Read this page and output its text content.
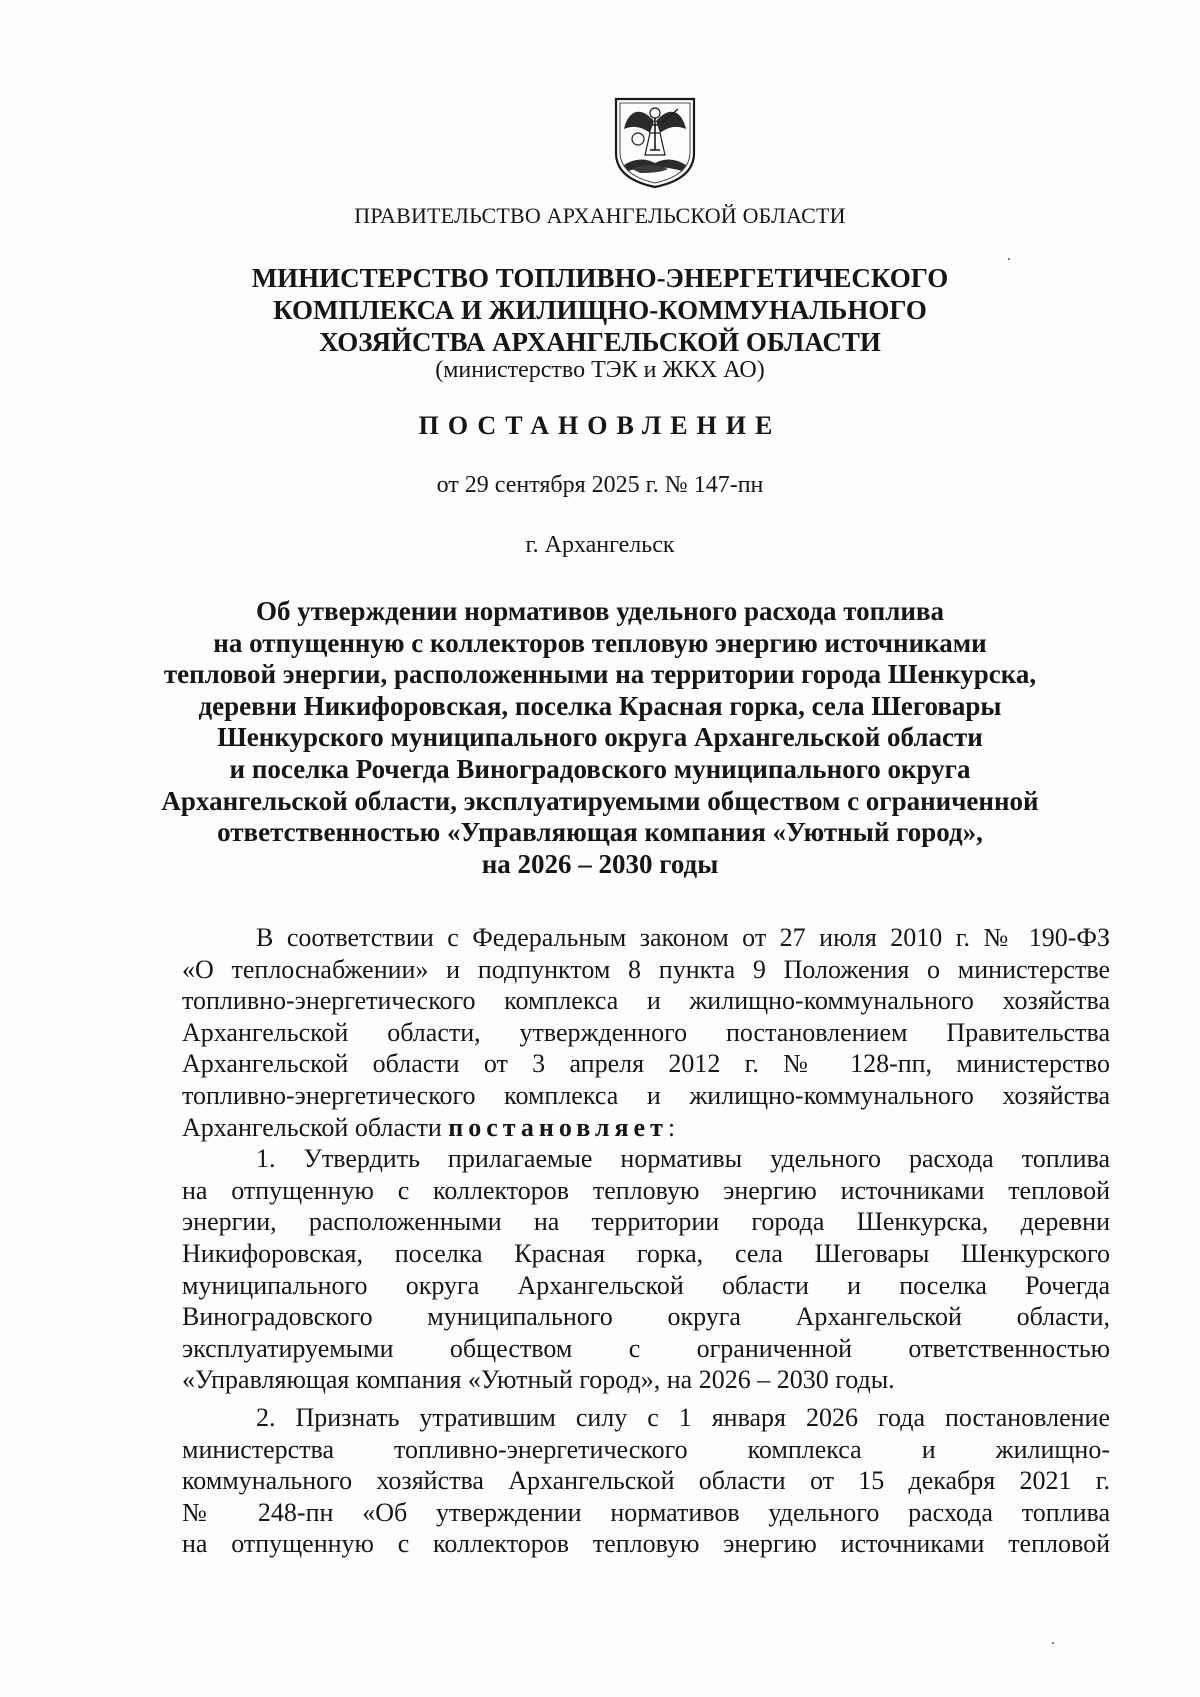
ПРАВИТЕЛЬСТВО АРХАНГЕЛЬСКОЙ ОБЛАСТИ
МИНИСТЕРСТВО ТОПЛИВНО-ЭНЕРГЕТИЧЕСКОГО
КОМПЛЕКСА И ЖИЛИЩНО-КОММУНАЛЬНОГО
ХОЗЯЙСТВА АРХАНГЕЛЬСКОЙ ОБЛАСТИ
(министерство ТЭК и ЖКХ АО)
ПОСТАНОВЛЕНИЕ
от 29 сентября 2025 г. № 147-пн
г. Архангельск
Об утверждении нормативов удельного расхода топлива
на отпущенную с коллекторов тепловую энергию источниками
тепловой энергии, расположенными на территории города Шенкурска,
деревни Никифоровская, поселка Красная горка, села Шеговары
Шенкурского муниципального округа Архангельской области
и поселка Рочегда Виноградовского муниципального округа
Архангельской области, эксплуатируемыми обществом с ограниченной
ответственностью «Управляющая компания «Уютный город»,
на 2026 – 2030 годы
В соответствии с Федеральным законом от 27 июля 2010 г. № 190-ФЗ
«О теплоснабжении» и подпунктом 8 пункта 9 Положения о министерстве
топливно-энергетического комплекса и жилищно-коммунального хозяйства
Архангельской области, утвержденного постановлением Правительства
Архангельской области от 3 апреля 2012 г. № 128-пп, министерство
топливно-энергетического комплекса и жилищно-коммунального хозяйства
Архангельской области постановляет:
1. Утвердить прилагаемые нормативы удельного расхода топлива
на отпущенную с коллекторов тепловую энергию источниками тепловой
энергии, расположенными на территории города Шенкурска, деревни
Никифоровская, поселка Красная горка, села Шеговары Шенкурского
муниципального округа Архангельской области и поселка Рочегда
Виноградовского муниципального округа Архангельской области,
эксплуатируемыми обществом с ограниченной ответственностью
«Управляющая компания «Уютный город», на 2026 – 2030 годы.
2. Признать утратившим силу с 1 января 2026 года постановление
министерства топливно-энергетического комплекса и жилищно-
коммунального хозяйства Архангельской области от 15 декабря 2021 г.
№ 248-пн «Об утверждении нормативов удельного расхода топлива
на отпущенную с коллекторов тепловую энергию источниками тепловой
